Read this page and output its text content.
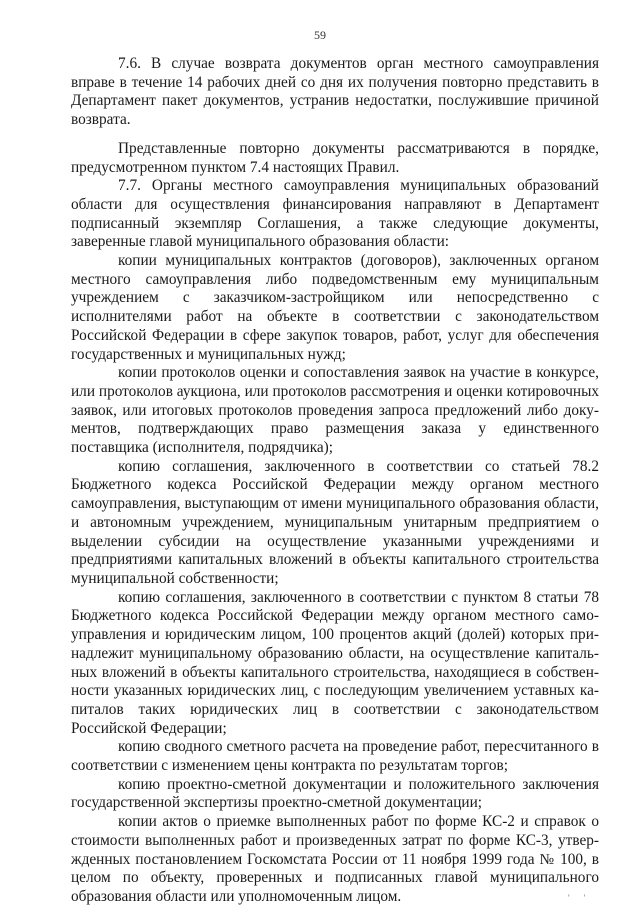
59

7.6. В случае возврата документов орган местного самоуправления вправе в течение 14 рабочих дней со дня их получения повторно представить в Департамент пакет документов, устранив недостатки, послужившие причиной возврата.

Представленные повторно документы рассматриваются в порядке, предусмотренном пунктом 7.4 настоящих Правил.

7.7. Органы местного самоуправления муниципальных образований области для осуществления финансирования направляют в Департамент подписанный экземпляр Соглашения, а также следующие документы, заверенные главой муниципального образования области:

копии муниципальных контрактов (договоров), заключенных органом местного самоуправления либо подведомственным ему муниципальным учреждением с заказчиком-застройщиком или непосредственно с исполнителями работ на объекте в соответствии с законодательством Российской Федерации в сфере закупок товаров, работ, услуг для обеспечения государственных и муниципальных нужд;

копии протоколов оценки и сопоставления заявок на участие в конкурсе, или протоколов аукциона, или протоколов рассмотрения и оценки котировочных заявок, или итоговых протоколов проведения запроса предложений либо документов, подтверждающих право размещения заказа у единственного поставщика (исполнителя, подрядчика);

копию соглашения, заключенного в соответствии со статьей 78.2 Бюджетного кодекса Российской Федерации между органом местного самоуправления, выступающим от имени муниципального образования области, и автономным учреждением, муниципальным унитарным предприятием о выделении субсидии на осуществление указанными учреждениями и предприятиями капитальных вложений в объекты капитального строительства муниципальной собственности;

копию соглашения, заключенного в соответствии с пунктом 8 статьи 78 Бюджетного кодекса Российской Федерации между органом местного самоуправления и юридическим лицом, 100 процентов акций (долей) которых принадлежит муниципальному образованию области, на осуществление капитальных вложений в объекты капитального строительства, находящиеся в собственности указанных юридических лиц, с последующим увеличением уставных капиталов таких юридических лиц в соответствии с законодательством Российской Федерации;

копию сводного сметного расчета на проведение работ, пересчитанного в соответствии с изменением цены контракта по результатам торгов;

копию проектно-сметной документации и положительного заключения государственной экспертизы проектно-сметной документации;

копии актов о приемке выполненных работ по форме КС-2 и справок о стоимости выполненных работ и произведенных затрат по форме КС-3, утвержденных постановлением Госкомстата России от 11 ноября 1999 года № 100, в целом по объекту, проверенных и подписанных главой муниципального образования области или уполномоченным лицом.	' '
